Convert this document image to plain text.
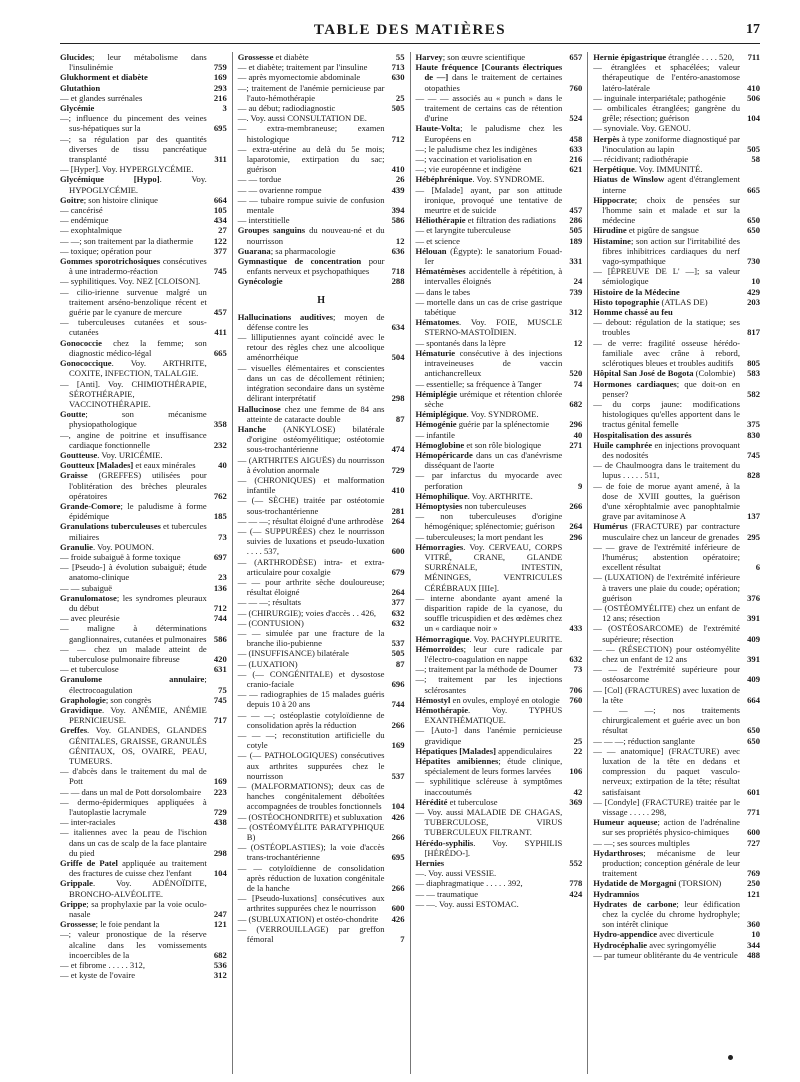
TABLE DES MATIÈRES	17
Glucides; leur métabolisme dans l'insulinémie	759
Glukhorment et diabète	169
Glutathion	293
— et glandes surrénales	216
Glycémie	3
—; influence du pincement des veines sus-hépatiques sur la	695
—; sa régulation par des quantités diverses de tissu pancréatique transplanté	311
— [Hyper]. Voy. HYPERGLYCÉMIE.
Glycémique [Hypo]. Voy. HYPOGLYCÉMIE.
Goitre; son histoire clinique	664
— cancérisé	105
— endémique	434
— exophtalmique	27
— —; son traitement par la diathermie 122
— toxique; opération pour	377
Gommes sporotrichosiques consécutives à une intradermo-réaction	745
— syphilitiques. Voy. NEZ [CLOISON].
— cilio-irienne survenue malgré un traitement arséno-benzolique récent et guérie par le cyanure de mercure	457
— tuberculeuses cutanées et sous-cutanées	411
Gonococcie chez la femme; son diagnostic médico-légal	665
Gonococcique. Voy. ARTHRITE, COXITE, INFECTION, TALALGIE.
— [Anti]. Voy. CHIMIOTHÉRAPIE, SÉROTHÉRAPIE, VACCINOTHÉRAPIE.
Goutte; son mécanisme physiopathologique	358
—, angine de poitrine et insuffisance cardiaque fonctionnelle	232
Goutteuse. Voy. URICÉMIE.
Goutteux [Malades] et eaux minérales	40
Graisse (GREFFES) utilisées pour l'oblitération des brèches pleurales opératoires	762
Grande-Comore; le paludisme à forme épidémique	185
Granulations tuberculeuses et tubercules miliaires	73
Granulie. Voy. POUMON.
— froide subaiguë à forme toxique	697
— [Pseudo-] à évolution subaiguë; étude anatomo-clinique	23
— — subaiguë	136
Granulomatose; les syndromes pleuraux du début	712
— avec pleurésie	744
— maligne à déterminations ganglionnaires, cutanées et pulmonaires 586
— — chez un malade atteint de tuberculose pulmonaire fibreuse	420
— et tuberculose	631
Granulome annulaire; électrocoagulation	75
Graphologie; son congrès	745
Gravidique. Voy. ANÉMIE, ANÉMIE PERNICIEUSE.	717
Greffes. Voy. GLANDES, GLANDES GÉNITALES, GRAISSE, GRANULÉS GÉNITAUX, OS, OVAIRE, PEAU, TUMEURS.
— d'abcès dans le traitement du mal de Pott	169
— — dans un mal de Pott dorsolombaire 223
— dermo-épidermiques appliquées à l'autoplastie lacrymale	729
— inter-raciales	438
— italiennes avec la peau de l'ischion dans un cas de scalp de la face plantaire du pied	298
Griffe de Patel appliquée au traitement des fractures de cuisse chez l'enfant	104
Grippale. Voy. ADÉNOÏDITE, BRONCHO-ALVÉOLITE.
Grippe; sa prophylaxie par la voie oculo-nasale	247
Grossesse; le foie pendant la	121
—; valeur pronostique de la réserve alcaline dans les vomissements incoercibles de la	682
— et fibrome . . . . . 312,	536
— et kyste de l'ovaire	312
Grossesse et diabète	55
— et diabète; traitement par l'insuline	713
— après myomectomie abdominale	630
—; traitement de l'anémie pernicieuse par l'auto-hémothérapie	25
— au début; radiodiagnostic	505
—. Voy. aussi CONSULTATION DE.
— extra-membraneuse; examen histologique	712
— extra-utérine au delà du 5e mois; laparotomie, extirpation du sac; guérison	410
— — tordue	26
— — ovarienne rompue	439
— — tubaire rompue suivie de confusion mentale	394
— interstitielle	586
Groupes sanguins du nouveau-né et du nourrisson	12
Guarana; sa pharmacologie	636
Gymnastique de concentration pour enfants nerveux et psychopathiques	718
Gynécologie	288
H
Hallucinations auditives; moyen de défense contre les	634
— lilliputiennes ayant coïncidé avec le retour des règles chez une alcoolique aménorrhéique	504
— visuelles élémentaires et conscientes dans un cas de décollement rétinien; intégration secondaire dans un système délirant interprétatif	298
Hallucinose chez une femme de 84 ans atteinte de cataracte double	87
Hanche (ANKYLOSE) bilatérale d'origine ostéomyélitique; ostéotomie sous-trochantérienne	474
— (ARTHRITES AIGUËS) du nourrisson à évolution anormale	729
— (CHRONIQUES) et malformation infantile	410
— (— SÈCHE) traitée par ostéotomie sous-trochantérienne	281
— — —; résultat éloigné d'une arthrodèse 264
— (— SUPPURÉES) chez le nourrisson suivies de luxations et pseudo-luxation . . . . 537,	600
— (ARTHRODÈSE) intra- et extra-articulaire pour coxalgie	679
— — pour arthrite sèche douloureuse; résultat éloigné	264
— — —; résultats	377
— (CHIRURGIE); voies d'accès . . 426, 632
— (CONTUSION)	632
— — simulée par une fracture de la branche ilio-pubienne	537
— (INSUFFISANCE) bilatérale	505
— (LUXATION)	87
— (— CONGÉNITALE) et dysostose cranio-faciale	696
— — radiographies de 15 malades guéris depuis 10 à 20 ans	744
— — —; ostéoplastie cotyloïdienne de consolidation après la réduction	266
— — —; reconstitution artificielle du cotyle	169
— (— PATHOLOGIQUES) consécutives aux arthrites suppurées chez le nourrisson	537
— (MALFORMATIONS); deux cas de hanches congénitalement déboîtées accompagnées de troubles fonctionnels 104
— (OSTÉOCHONDRITE) et subluxation 426
— (OSTÉOMYÉLITE PARATYPHIQUE B)	266
— (OSTÉOPLASTIES); la voie d'accès trans-trochantérienne	695
— — cotyloïdienne de consolidation après réduction de luxation congénitale de la hanche	266
— [Pseudo-luxations] consécutives aux arthrites suppurées chez le nourrisson 600
— (SUBLUXATION) et ostéo-chondrite 426
— (VERROUILLAGE) par greffon fémoral	7
Harvey; son œuvre scientifique	657
Haute fréquence [Courants électriques de —] dans le traitement de certaines otopathies	760
— — — associés au « punch » dans le traitement de certains cas de rétention d'urine	524
Haute-Volta; le paludisme chez les Européens en	458
—; le paludisme chez les indigènes	633
—; vaccination et variolisation en	216
—; vie européenne et indigène	621
Hébéphrénique. Voy. SYNDROME.
— [Malade] ayant, par son attitude ironique, provoqué une tentative de meurtre et de suicide	457
Héliothérapie et filtration des radiations 286
— et laryngite tuberculeuse	505
— et science	189
Hélouan (Égypte): le sanatorium Fouad-Ier	331
Hématémèses accidentelle à répétition, à intervalles éloignés	24
— dans le tabes	739
— mortelle dans un cas de crise gastrique tabétique	312
Hématomes. Voy. FOIE, MUSCLE STERNO-MASTOÏDIEN.
— spontanés dans la lèpre	12
Hématurie consécutive à des injections intraveineuses de vaccin antichancrelleux	520
— essentielle; sa fréquence à Tanger	74
Hémiplégie urémique et rétention chlorée sèche	682
Hémiplégique. Voy. SYNDROME.
Hémogénie guérie par la splénectomie 296
— infantile	40
Hémoglobine et son rôle biologique	271
Hémopéricarde dans un cas d'anévrisme disséquant de l'aorte
— par infarctus du myocarde avec perforation	9
Hémophilique. Voy. ARTHRITE.
Hémoptysies non tuberculeuses	266
— non tuberculeuses d'origine hémogénique; splénectomie; guérison 264
— tuberculeuses; la mort pendant les	296
Hémorragies. Voy. CERVEAU, CORPS VITRÉ, CRANE, GLANDE SURRÉNALE, INTESTIN, MÉNINGES, VENTRICULES CÉRÉBRAUX [IIIe].
— interne abondante ayant amené la disparition rapide de la cyanose, du souffle tricuspidien et des œdèmes chez un « cardiaque noir »	433
Hémorragique. Voy. PACHYPLEURITE.
Hémorroïdes; leur cure radicale par l'électro-coagulation en nappe	632
—; traitement par la méthode de Doumer 73
—; traitement par les injections sclérosantes	706
Hémostyl en ovules, employé en otologie 760
Hémothérapie. Voy. TYPHUS EXANTHÉMATIQUE.
— [Auto-] dans l'anémie pernicieuse gravidique	25
Hépatiques [Malades] appendiculaires	22
Hépatites amibiennes; étude clinique, spécialement de leurs formes larvées 106
— syphilitique scléreuse à symptômes inaccoutumés	42
Hérédité et tuberculose	369
— Voy. aussi MALADIE DE CHAGAS, TUBERCULOSE, VIRUS TUBERCULEUX FILTRANT.
Hérédo-syphilis. Voy. SYPHILIS [HÉRÉDO-].
Hernies	552
—. Voy. aussi VESSIE.
— diaphragmatique . . . . . 392,	778
— — traumatique	424
— —. Voy. aussi ESTOMAC.
Hernie épigastrique étranglée . . . . 520, 711
— étranglées et sphacélées; valeur thérapeutique de l'entéro-anastomose latéro-latérale	410
— inguinale interpariétale; pathogénie 506
— ombilicales étranglées; gangrène du grêle; résection; guérison	104
— synoviale. Voy. GENOU.
Herpès à type zoniforme diagnostiqué par l'inoculation au lapin	505
— récidivant; radiothérapie	58
Herpétique. Voy. IMMUNITÉ.
Hiatus de Winslow agent d'étranglement interne	665
Hippocrate; choix de pensées sur l'homme sain et malade et sur la médecine	650
Hirudine et pigûre de sangsue	650
Histamine; son action sur l'irritabilité des fibres inhibitrices cardiaques du nerf vago-sympathique	730
— [ÉPREUVE DE L' —]; sa valeur sémiologique	10
Histoire de la Médecine	429
Histo topographie (ATLAS DE)	203
Homme chassé au feu
— debout: régulation de la statique; ses troubles	817
— de verre: fragilité osseuse hérédo-familiale avec crâne à rebord, sclérotiques bleues et troubles auditifs 805
Hôpital San José de Bogota (Colombie) 583
Hormones cardiaques; que doit-on en penser?	582
— du corps jaune: modifications histologiques qu'elles apportent dans le tractus génital femelle	375
Hospitalisation des assurés	830
Huile camphrée en injections provoquant des nodosités	745
— de Chaulmoogra dans le traitement du lupus . . . . . 511,	828
— de foie de morue ayant amené, à la dose de XVIII gouttes, la guérison d'une xérophtalmie avec panophtalmie grave par avitaminose A	137
Humérus (FRACTURE) par contracture musculaire chez un lanceur de grenades 295
— — grave de l'extrémité inférieure de l'humérus; abstention opératoire; excellent résultat	6
— (LUXATION) de l'extrémité inférieure à travers une plaie du coude; opération; guérison	376
— (OSTÉOMYÉLITE) chez un enfant de 12 ans; résection	391
— (OSTÉOSARCOME) de l'extrémité supérieure; résection	409
— — (RÉSECTION) pour ostéomyélite chez un enfant de 12 ans	391
— — de l'extrémité supérieure pour ostéosarcome	409
— [Col] (FRACTURES) avec luxation de la tête	664
— — —; nos traitements chirurgicalement et guérie avec un bon résultat	650
— — —; réduction sanglante	650
— — anatomique] (FRACTURE) avec luxation de la tête en dedans et compression du paquet vasculo-nerveux; extirpation de la tête; résultat satisfaisant	601
— [Condyle] (FRACTURE) traitée par le vissage . . . . . 298,	771
Humeur aqueuse; action de l'adrénaline sur ses propriétés physico-chimiques 600
— —; ses sources multiples	727
Hydarthroses; mécanisme de leur production; conception générale de leur traitement	769
Hydatide de Morgagni (TORSION)	250
Hydramnios	121
Hydrates de carbone; leur édification chez la cyclée du chrome hydrophyle; son intérêt clinique	360
Hydro-appendice avec diverticule	10
Hydrocéphalie avec syringomyélie	344
— par tumeur oblitérante du 4e ventricule 488
